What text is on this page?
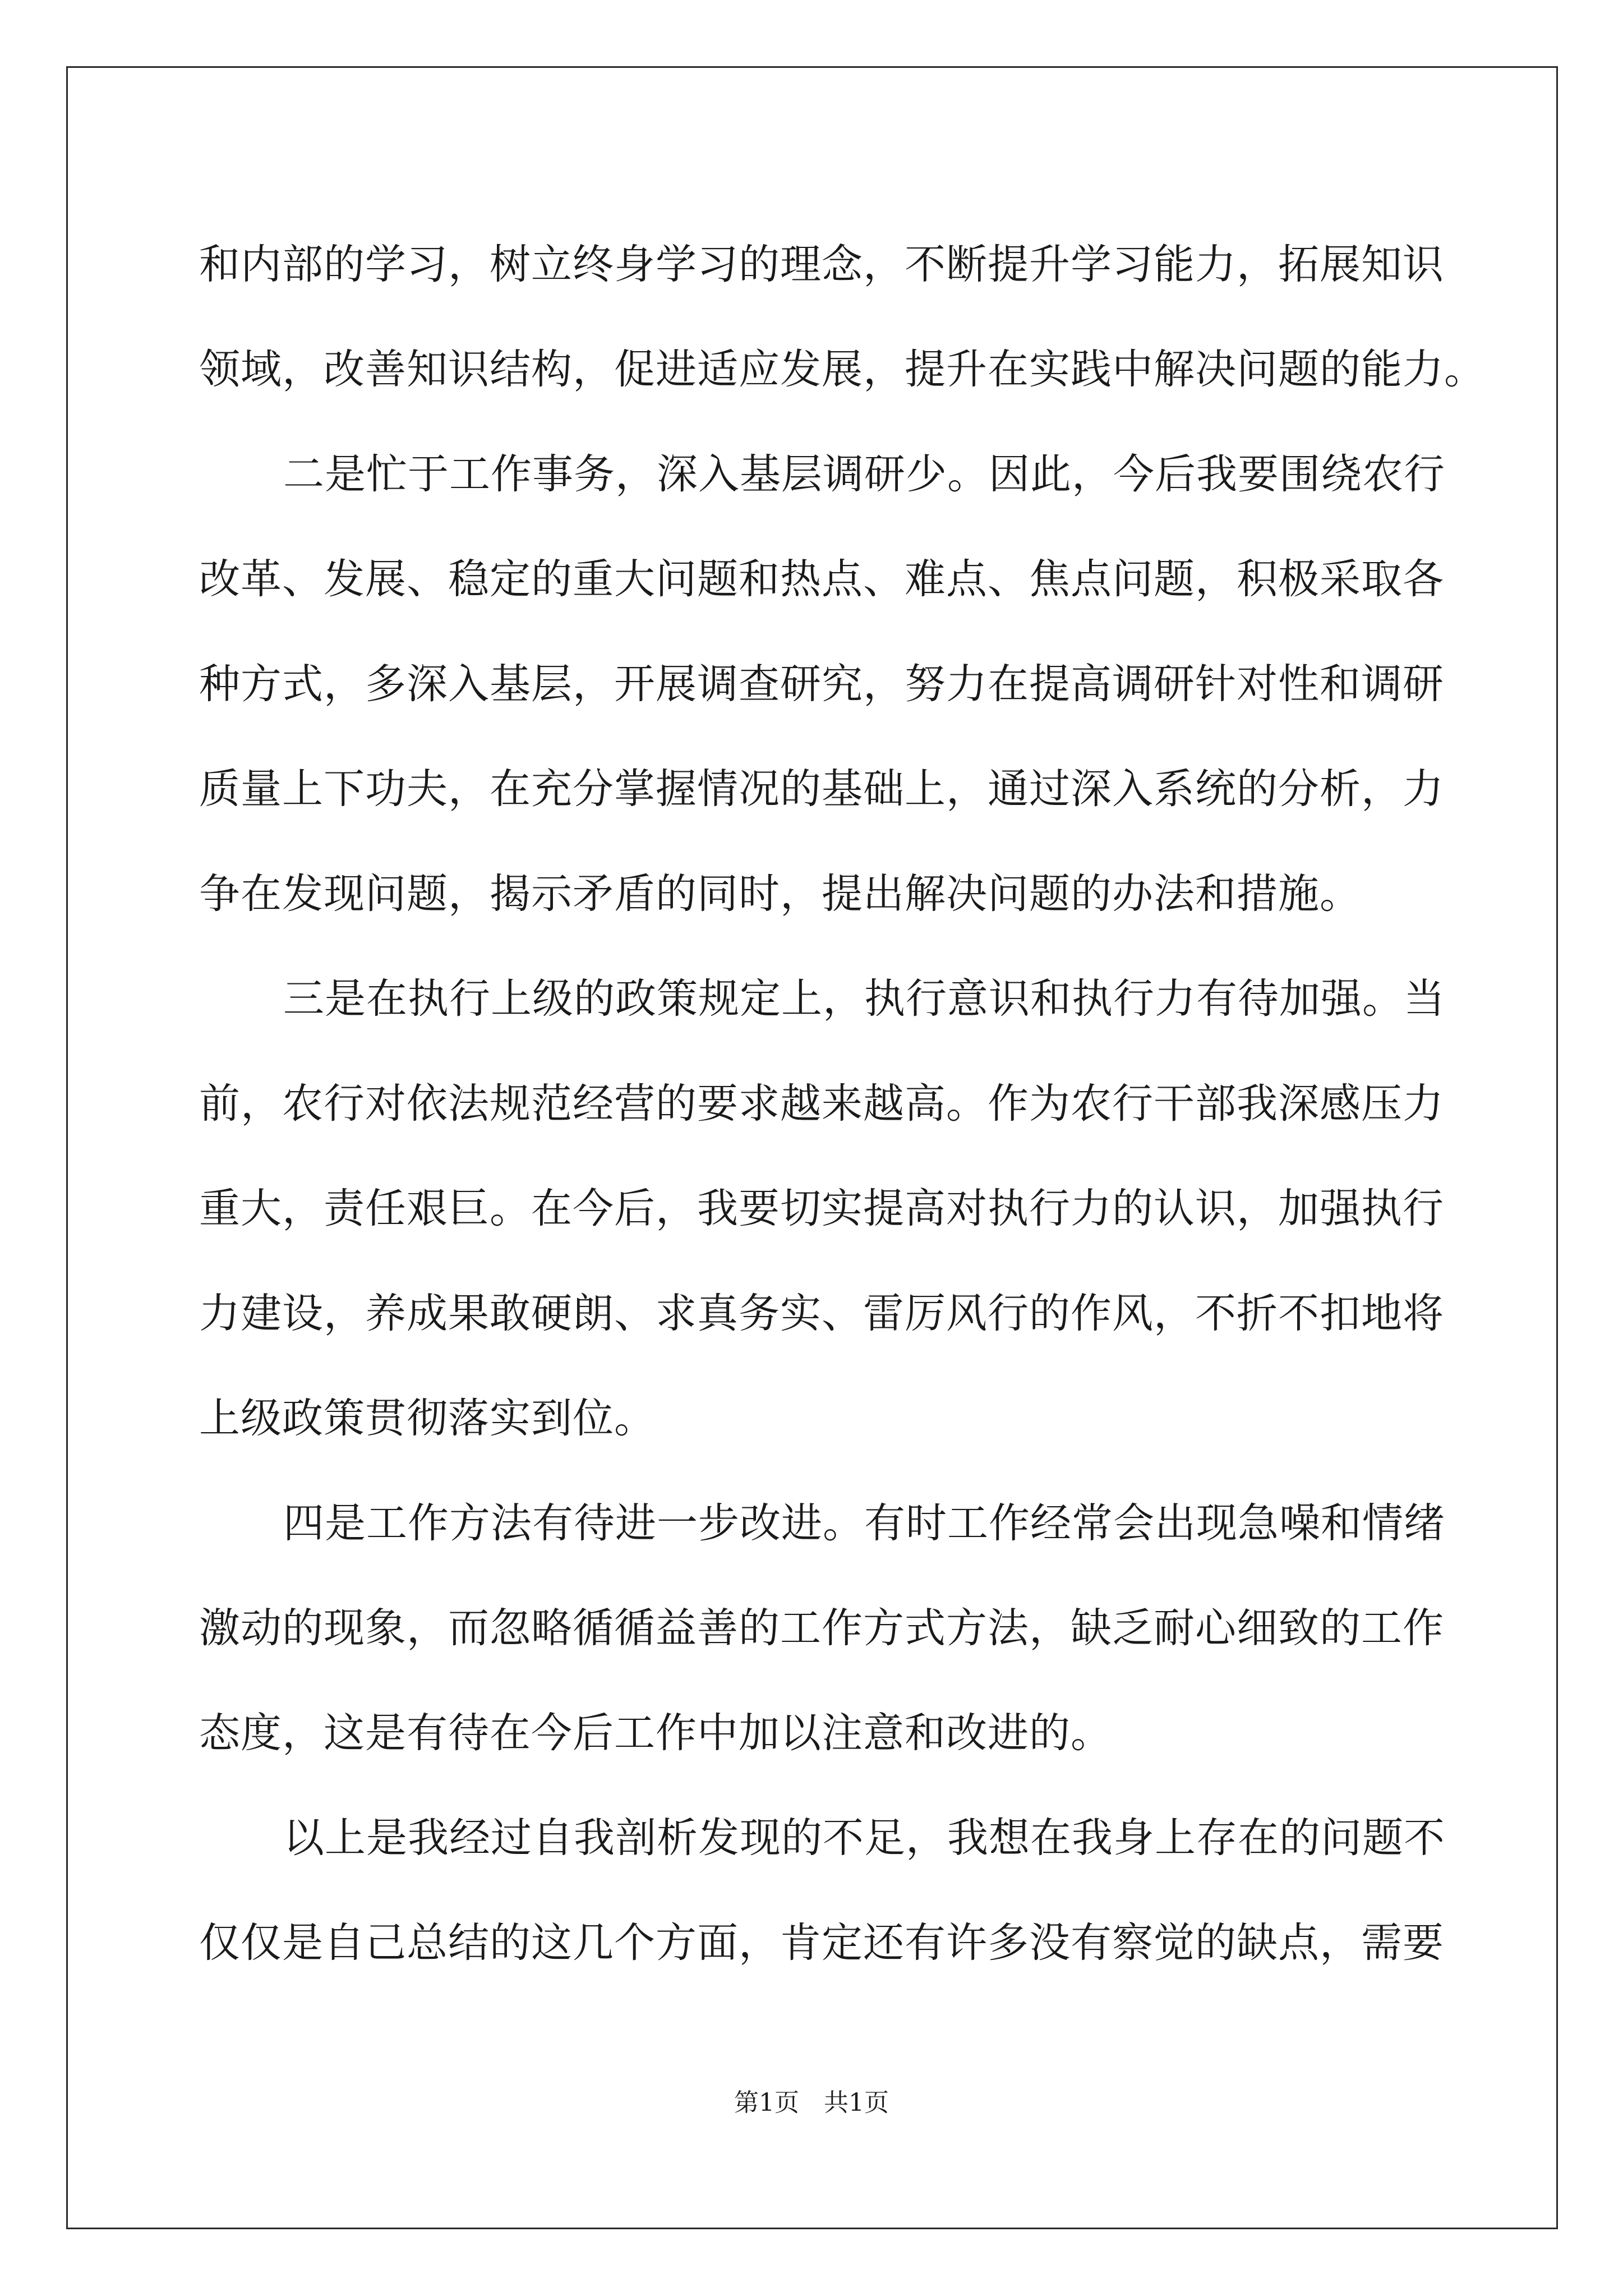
和内部的学习，树立终身学习的理念，不断提升学习能力，拓展知识
领域，改善知识结构，促进适应发展，提升在实践中解决问题的能力。

二是忙于工作事务，深入基层调研少。因此，今后我要围绕农行
改革、发展、稳定的重大问题和热点、难点、焦点问题，积极采取各
种方式，多深入基层，开展调查研究，努力在提高调研针对性和调研
质量上下功夫，在充分掌握情况的基础上，通过深入系统的分析，力
争在发现问题，揭示矛盾的同时，提出解决问题的办法和措施。

三是在执行上级的政策规定上，执行意识和执行力有待加强。当
前，农行对依法规范经营的要求越来越高。作为农行干部我深感压力
重大，责任艰巨。在今后，我要切实提高对执行力的认识，加强执行
力建设，养成果敢硬朗、求真务实、雷厉风行的作风，不折不扣地将
上级政策贯彻落实到位。

四是工作方法有待进一步改进。有时工作经常会出现急噪和情绪
激动的现象，而忽略循循益善的工作方式方法，缺乏耐心细致的工作
态度，这是有待在今后工作中加以注意和改进的。

以上是我经过自我剖析发现的不足，我想在我身上存在的问题不
仅仅是自己总结的这几个方面，肯定还有许多没有察觉的缺点，需要

第1页 共1页
